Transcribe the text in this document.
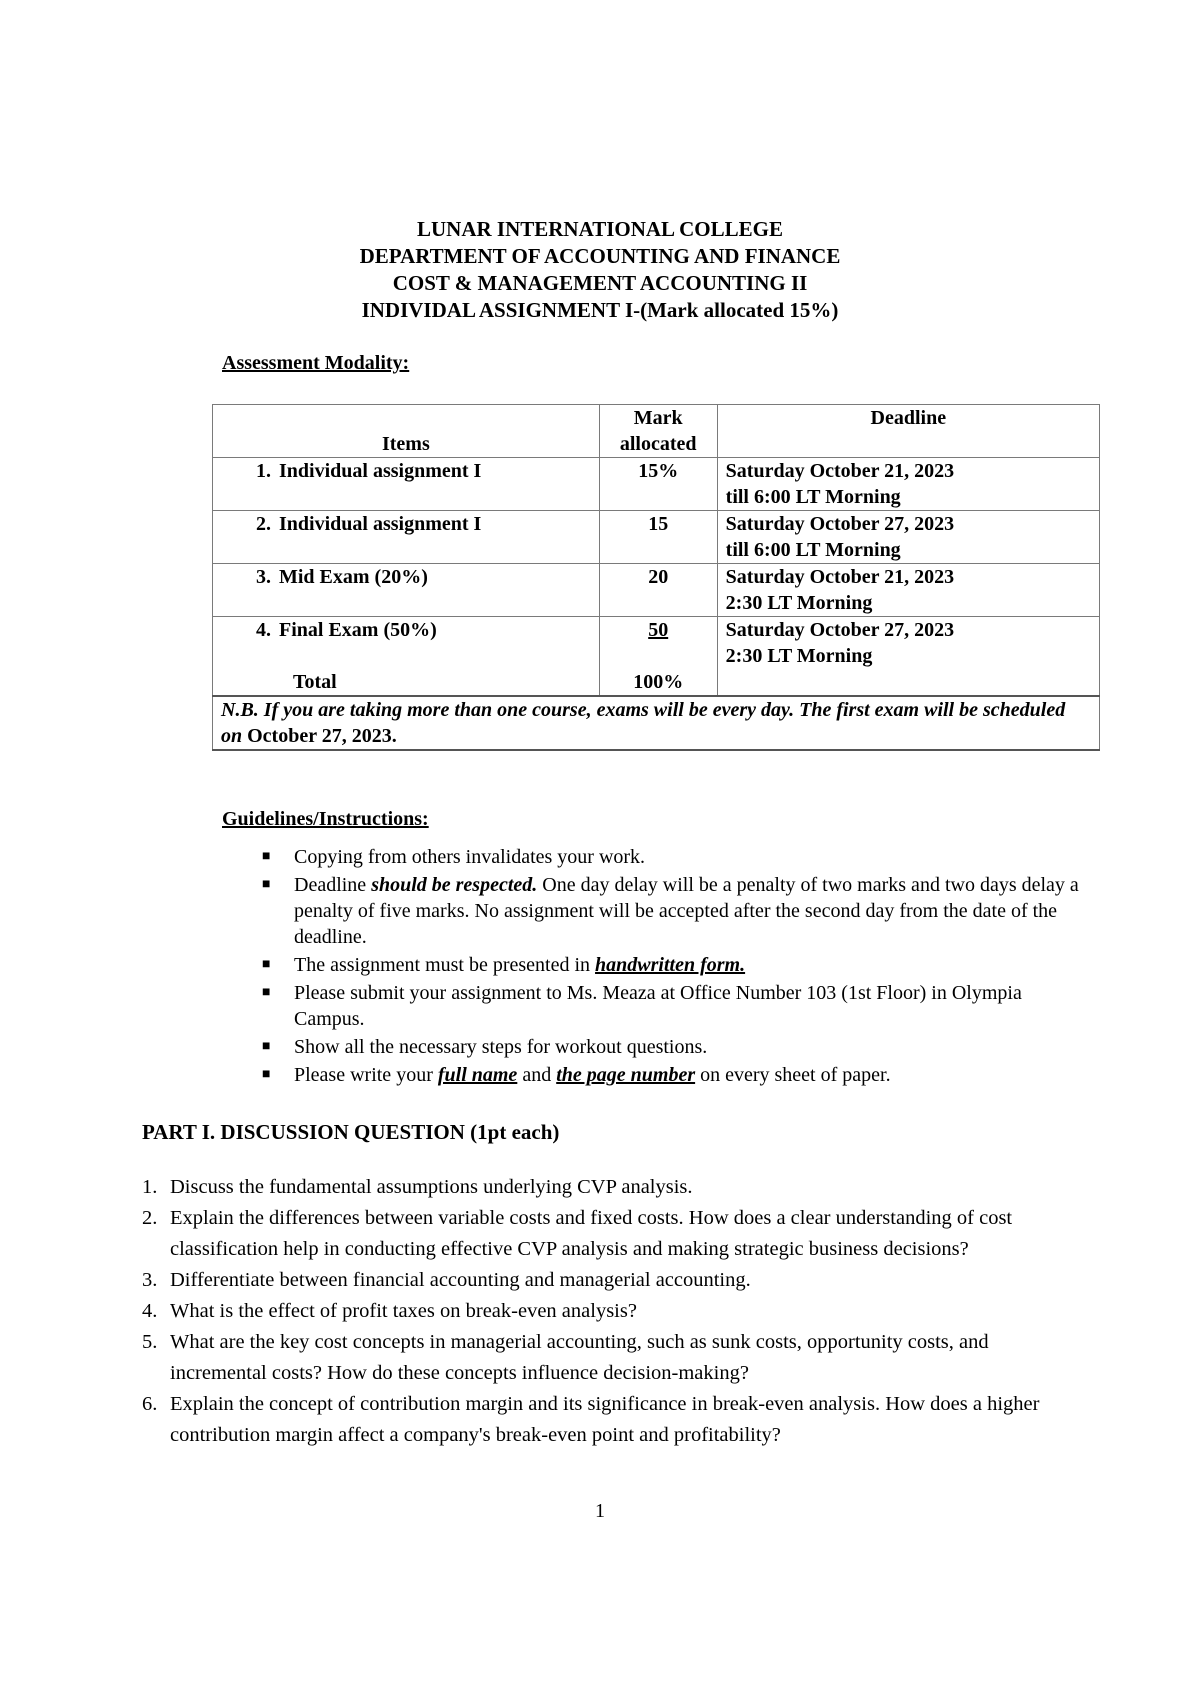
LUNAR INTERNATIONAL COLLEGE
DEPARTMENT OF ACCOUNTING AND FINANCE
COST & MANAGEMENT ACCOUNTING II
INDIVIDAL ASSIGNMENT I-(Mark allocated 15%)
Assessment Modality:
Items	Mark allocated	Deadline
1. Individual assignment I	15%	Saturday October 21, 2023
till 6:00 LT Morning

2. Individual assignment I	15	Saturday October 27, 2023
till 6:00 LT Morning

3. Mid Exam (20%)	20	Saturday October 21, 2023
2:30 LT Morning

4. Final Exam (50%)	50	Saturday October 27, 2023
2:30 LT Morning

Total	100%	
N.B. If you are taking more than one course, exams will be every day. The first exam will be scheduled on October 27, 2023.		
Guidelines/Instructions:
■ Copying from others invalidates your work.
■ Deadline should be respected. One day delay will be a penalty of two marks and two days delay a penalty of five marks. No assignment will be accepted after the second day from the date of the deadline.
■ The assignment must be presented in handwritten form.
■ Please submit your assignment to Ms. Meaza at Office Number 103 (1st Floor) in Olympia Campus.
■ Show all the necessary steps for workout questions.
■ Please write your full name and the page number on every sheet of paper.
PART I. DISCUSSION QUESTION (1pt each)
1. Discuss the fundamental assumptions underlying CVP analysis.
2. Explain the differences between variable costs and fixed costs. How does a clear understanding of cost classification help in conducting effective CVP analysis and making strategic business decisions?
3. Differentiate between financial accounting and managerial accounting.
4. What is the effect of profit taxes on break-even analysis?
5. What are the key cost concepts in managerial accounting, such as sunk costs, opportunity costs, and incremental costs? How do these concepts influence decision-making?
6. Explain the concept of contribution margin and its significance in break-even analysis. How does a higher contribution margin affect a company's break-even point and profitability?
1
